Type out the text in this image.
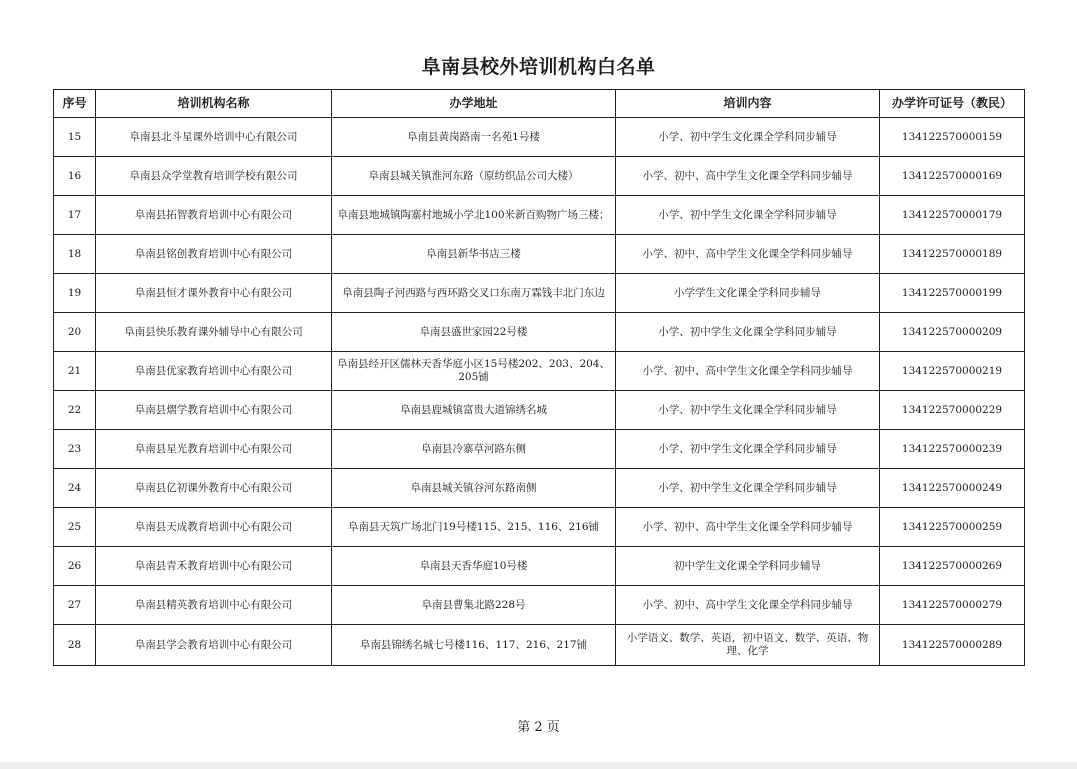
阜南县校外培训机构白名单
序号	培训机构名称	办学地址	培训内容	办学许可证号（教民）
15	阜南县北斗星课外培训中心有限公司	阜南县黄岗路南一名苑1号楼	小学、初中学生文化课全学科同步辅导	134122570000159
16	阜南县众学堂教育培训学校有限公司	阜南县城关镇淮河东路（原纺织品公司大楼）	小学、初中、高中学生文化课全学科同步辅导	134122570000169
17	阜南县拓智教育培训中心有限公司	阜南县地城镇陶寨村地城小学北100米新百购物广场三楼；	小学、初中学生文化课全学科同步辅导	134122570000179
18	阜南县铭创教育培训中心有限公司	阜南县新华书店三楼	小学、初中、高中学生文化课全学科同步辅导	134122570000189
19	阜南县恒才课外教育中心有限公司	阜南县陶子河西路与西环路交叉口东南万霖钱丰北门东边	小学学生文化课全学科同步辅导	134122570000199
20	阜南县快乐教育课外辅导中心有限公司	阜南县盛世家园22号楼	小学、初中学生文化课全学科同步辅导	134122570000209
21	阜南县优家教育培训中心有限公司	阜南县经开区儒林天香华庭小区15号楼202、203、204、205铺	小学、初中、高中学生文化课全学科同步辅导	134122570000219
22	阜南县熠学教育培训中心有限公司	阜南县鹿城镇富贵大道锦绣名城	小学、初中学生文化课全学科同步辅导	134122570000229
23	阜南县星光教育培训中心有限公司	阜南县冷寨草河路东侧	小学、初中学生文化课全学科同步辅导	134122570000239
24	阜南县亿初课外教育中心有限公司	阜南县城关镇谷河东路南侧	小学、初中学生文化课全学科同步辅导	134122570000249
25	阜南县天成教育培训中心有限公司	阜南县天筑广场北门19号楼115、215、116、216铺	小学、初中、高中学生文化课全学科同步辅导	134122570000259
26	阜南县青禾教育培训中心有限公司	阜南县天香华庭10号楼	初中学生文化课全学科同步辅导	134122570000269
27	阜南县精英教育培训中心有限公司	阜南县曹集北路228号	小学、初中、高中学生文化课全学科同步辅导	134122570000279
28	阜南县学会教育培训中心有限公司	阜南县锦绣名城七号楼116、117、216、217铺	小学语文、数学、英语，初中语文、数学、英语、物理、化学	134122570000289
第 2 页
